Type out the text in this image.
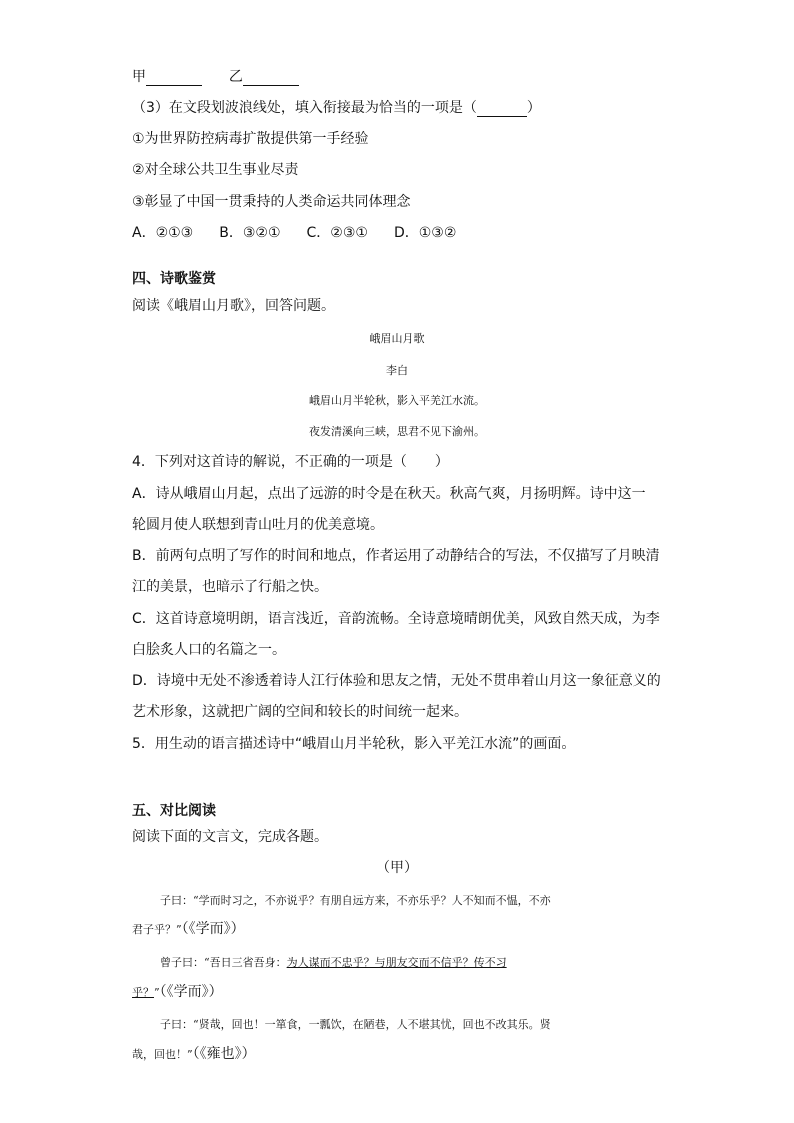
甲	乙
（3）在文段划波浪线处，填入衔接最为恰当的一项是（	）
①为世界防控病毒扩散提供第一手经验
②对全球公共卫生事业尽责
③彰显了中国一贯秉持的人类命运共同体理念
A．②①③ B．③②① C．②③① D．①③②
四、诗歌鉴赏
阅读《峨眉山月歌》，回答问题。
峨眉山月歌
李白
峨眉山月半轮秋，影入平羌江水流。
夜发清溪向三峡，思君不见下渝州。
4．下列对这首诗的解说，不正确的一项是（　　）
A．诗从峨眉山月起，点出了远游的时令是在秋天。秋高气爽，月扬明辉。诗中这一
轮圆月使人联想到青山吐月的优美意境。
B．前两句点明了写作的时间和地点，作者运用了动静结合的写法，不仅描写了月映清
江的美景，也暗示了行船之快。
C．这首诗意境明朗，语言浅近，音韵流畅。全诗意境晴朗优美，风致自然天成，为李
白脍炙人口的名篇之一。
D．诗境中无处不渗透着诗人江行体验和思友之情，无处不贯串着山月这一象征意义的
艺术形象，这就把广阔的空间和较长的时间统一起来。
5．用生动的语言描述诗中“峨眉山月半轮秋，影入平羌江水流”的画面。
五、对比阅读
阅读下面的文言文，完成各题。
（甲）
子曰：“学而时习之，不亦说乎？有朋自远方来，不亦乐乎？人不知而不愠，不亦
君子乎？”（《学而》）
曾子曰：“吾日三省吾身：为人谋而不忠乎？与朋友交而不信乎？传不习
乎？”（《学而》）
子曰：“贤哉，回也！一箪食，一瓢饮，在陋巷，人不堪其忧，回也不改其乐。贤
哉，回也！”（《雍也》）
